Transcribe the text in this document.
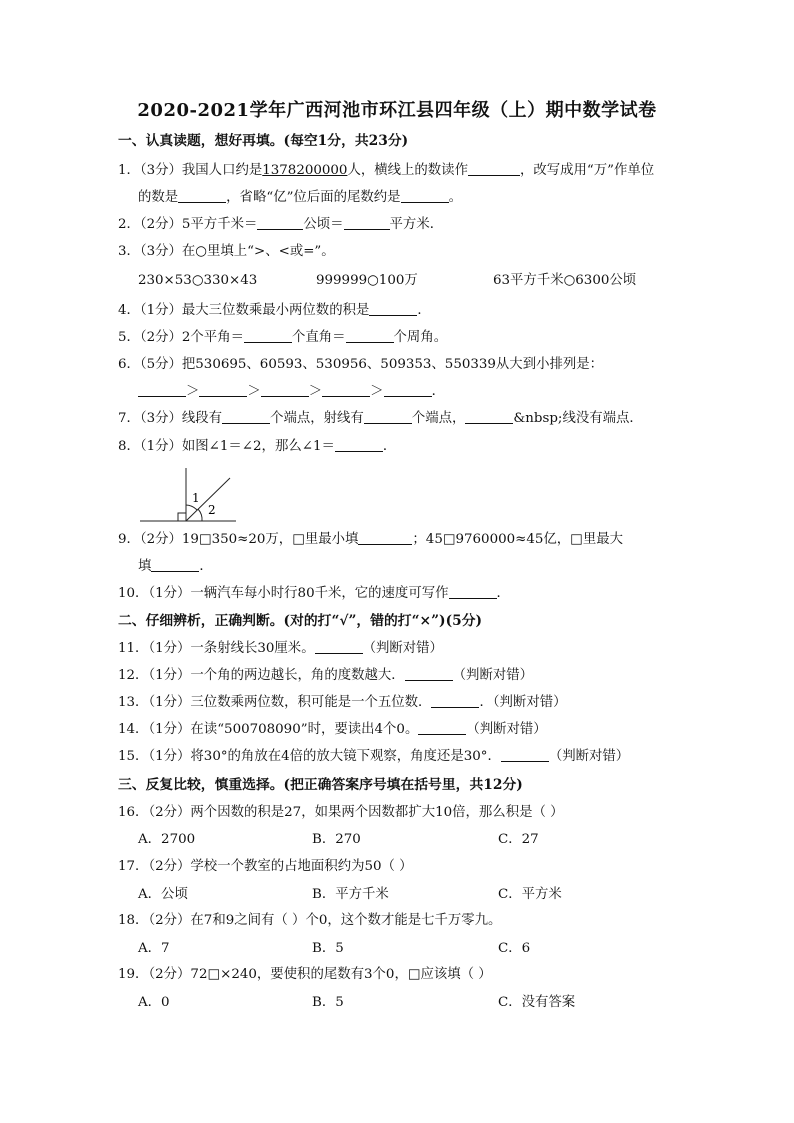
2020-2021学年广西河池市环江县四年级（上）期中数学试卷
一、认真读题，想好再填。(每空1分，共23分)
1．（3分）我国人口约是1378200000人，横线上的数读作	，改写成用“万”作单位
的数是	，省略“亿”位后面的尾数约是	。
2．（2分）5平方千米＝	公顷＝	平方米．
3．（3分）在○里填上“>、<或=”。
230×53○330×43	999999○100万	63平方千米○6300公顷
4．（1分）最大三位数乘最小两位数的积是	．
5．（2分）2个平角＝	个直角＝	个周角。
6．（5分）把530695、60593、530956、509353、550339从大到小排列是：
＞	＞	＞	＞	．
7．（3分）线段有	个端点，射线有	个端点，	&nbsp;线没有端点．
8．（1分）如图∠1＝∠2，那么∠1＝	．
1
2
9．（2分）19□350≈20万，□里最小填	；45□9760000≈45亿，□里最大
填	．
10．（1分）一辆汽车每小时行80千米，它的速度可写作	．
二、仔细辨析，正确判断。(对的打“√”，错的打“×”)(5分)
11．（1分）一条射线长30厘米。	（判断对错）
12．（1分）一个角的两边越长，角的度数越大．	（判断对错）
13．（1分）三位数乘两位数，积可能是一个五位数．	．（判断对错）
14．（1分）在读“500708090”时，要读出4个0。	（判断对错）
15．（1分）将30°的角放在4倍的放大镜下观察，角度还是30°．	（判断对错）
三、反复比较，慎重选择。(把正确答案序号填在括号里，共12分)
16．（2分）两个因数的积是27，如果两个因数都扩大10倍，那么积是（ ）
A．2700	B．270	C．27
17．（2分）学校一个教室的占地面积约为50（ ）
A．公顷	B．平方千米	C．平方米
18．（2分）在7和9之间有（ ）个0，这个数才能是七千万零九。
A．7	B．5	C．6
19．（2分）72□×240，要使积的尾数有3个0，□应该填（ ）
A．0	B．5	C．没有答案
